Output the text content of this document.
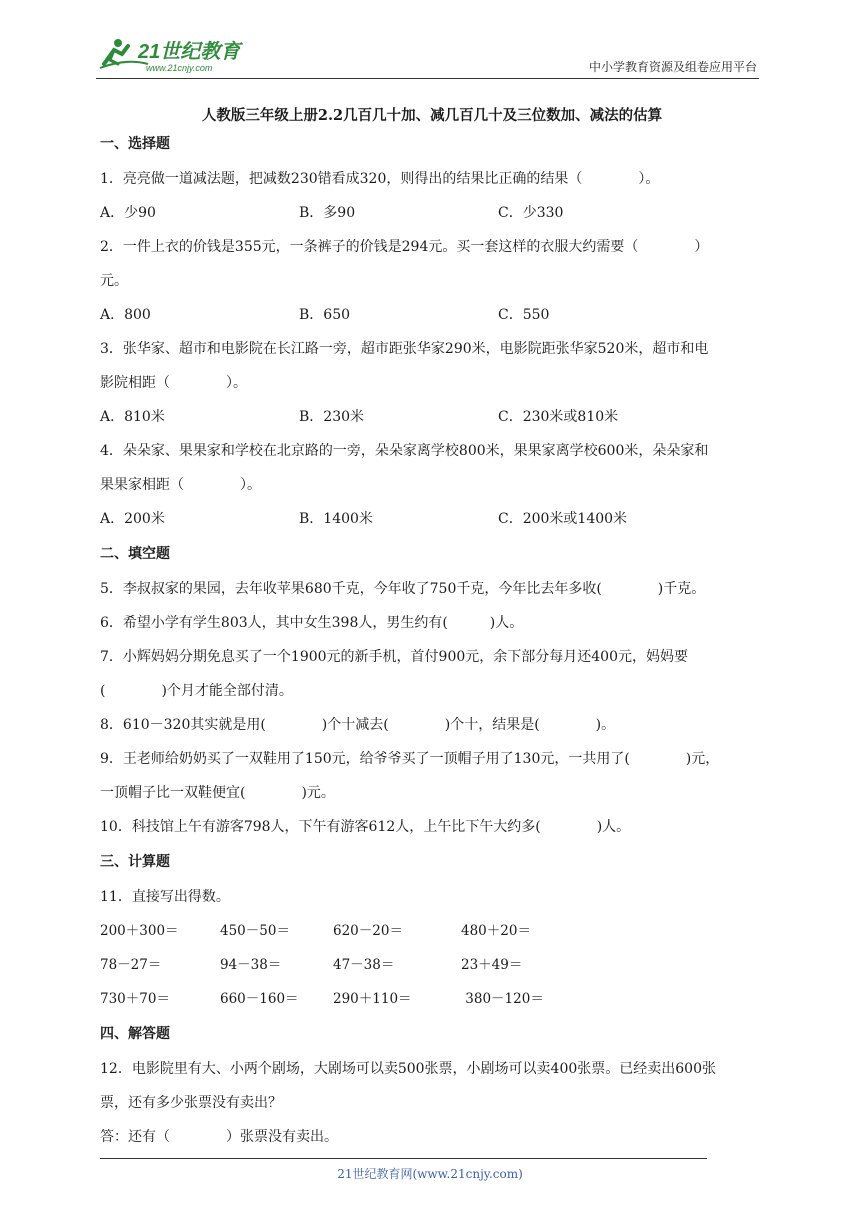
21世纪教育
www.21cnjy.com	中小学教育资源及组卷应用平台
人教版三年级上册2.2几百几十加、减几百几十及三位数加、减法的估算
一、选择题
1．亮亮做一道减法题，把减数230错看成320，则得出的结果比正确的结果（　　　　）。
A．少90	B．多90	C．少330
2．一件上衣的价钱是355元，一条裤子的价钱是294元。买一套这样的衣服大约需要（　　　　）
元。
A．800	B．650	C．550
3．张华家、超市和电影院在长江路一旁，超市距张华家290米，电影院距张华家520米，超市和电
影院相距（　　　　）。
A．810米	B．230米	C．230米或810米
4．朵朵家、果果家和学校在北京路的一旁，朵朵家离学校800米，果果家离学校600米，朵朵家和
果果家相距（　　　　）。
A．200米	B．1400米	C．200米或1400米
二、填空题
5．李叔叔家的果园，去年收苹果680千克，今年收了750千克，今年比去年多收(　　　　)千克。
6．希望小学有学生803人，其中女生398人，男生约有(　　　)人。
7．小辉妈妈分期免息买了一个1900元的新手机，首付900元，余下部分每月还400元，妈妈要
(　　　　)个月才能全部付清。
8．610－320其实就是用(　　　　)个十减去(　　　　)个十，结果是(　　　　)。
9．王老师给奶奶买了一双鞋用了150元，给爷爷买了一顶帽子用了130元，一共用了(　　　　)元，
一顶帽子比一双鞋便宜(　　　　)元。
10．科技馆上午有游客798人，下午有游客612人，上午比下午大约多(　　　　)人。
三、计算题
11．直接写出得数。
200＋300＝	450－50＝	620－20＝	480＋20＝
78－27＝	94－38＝	47－38＝	23＋49＝
730＋70＝	660－160＝	290＋110＝	380－120＝
四、解答题
12．电影院里有大、小两个剧场，大剧场可以卖500张票，小剧场可以卖400张票。已经卖出600张
票，还有多少张票没有卖出？
答：还有（　　　　）张票没有卖出。
21世纪教育网(www.21cnjy.com)
